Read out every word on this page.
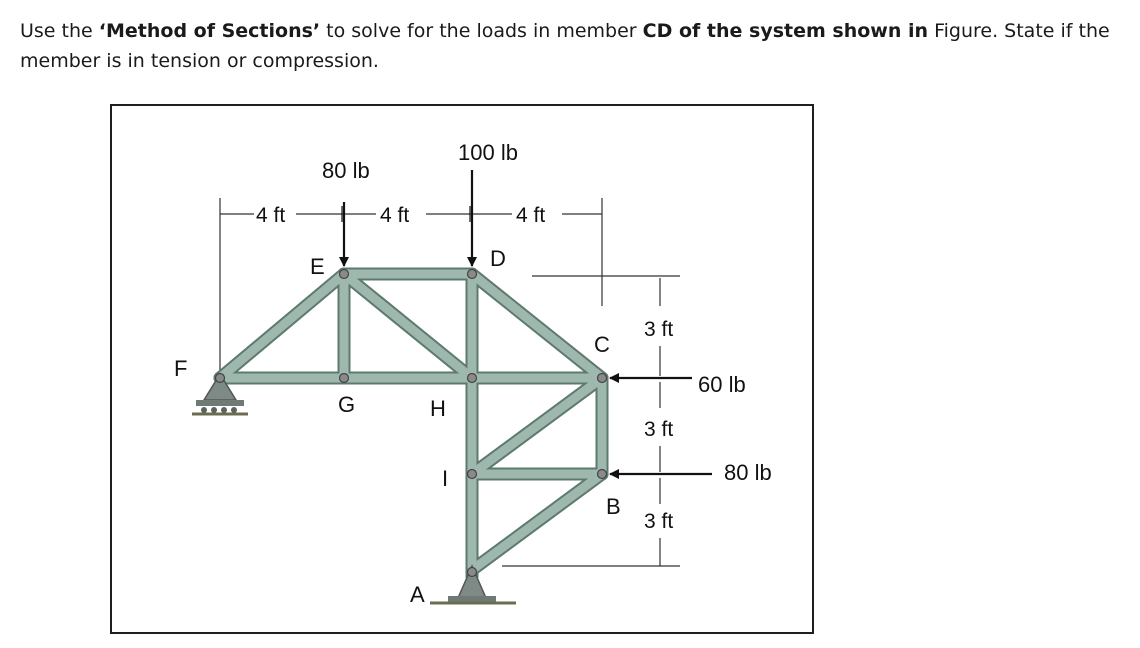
Use the ‘Method of Sections’ to solve for the loads in member CD of the system shown in Figure. State if the member is in tension or compression.
80 lb
100 lb
60 lb
80 lb
4 ft	4 ft	4 ft
3 ft
3 ft
3 ft
F
E	D
C
G	H
I
B
A
